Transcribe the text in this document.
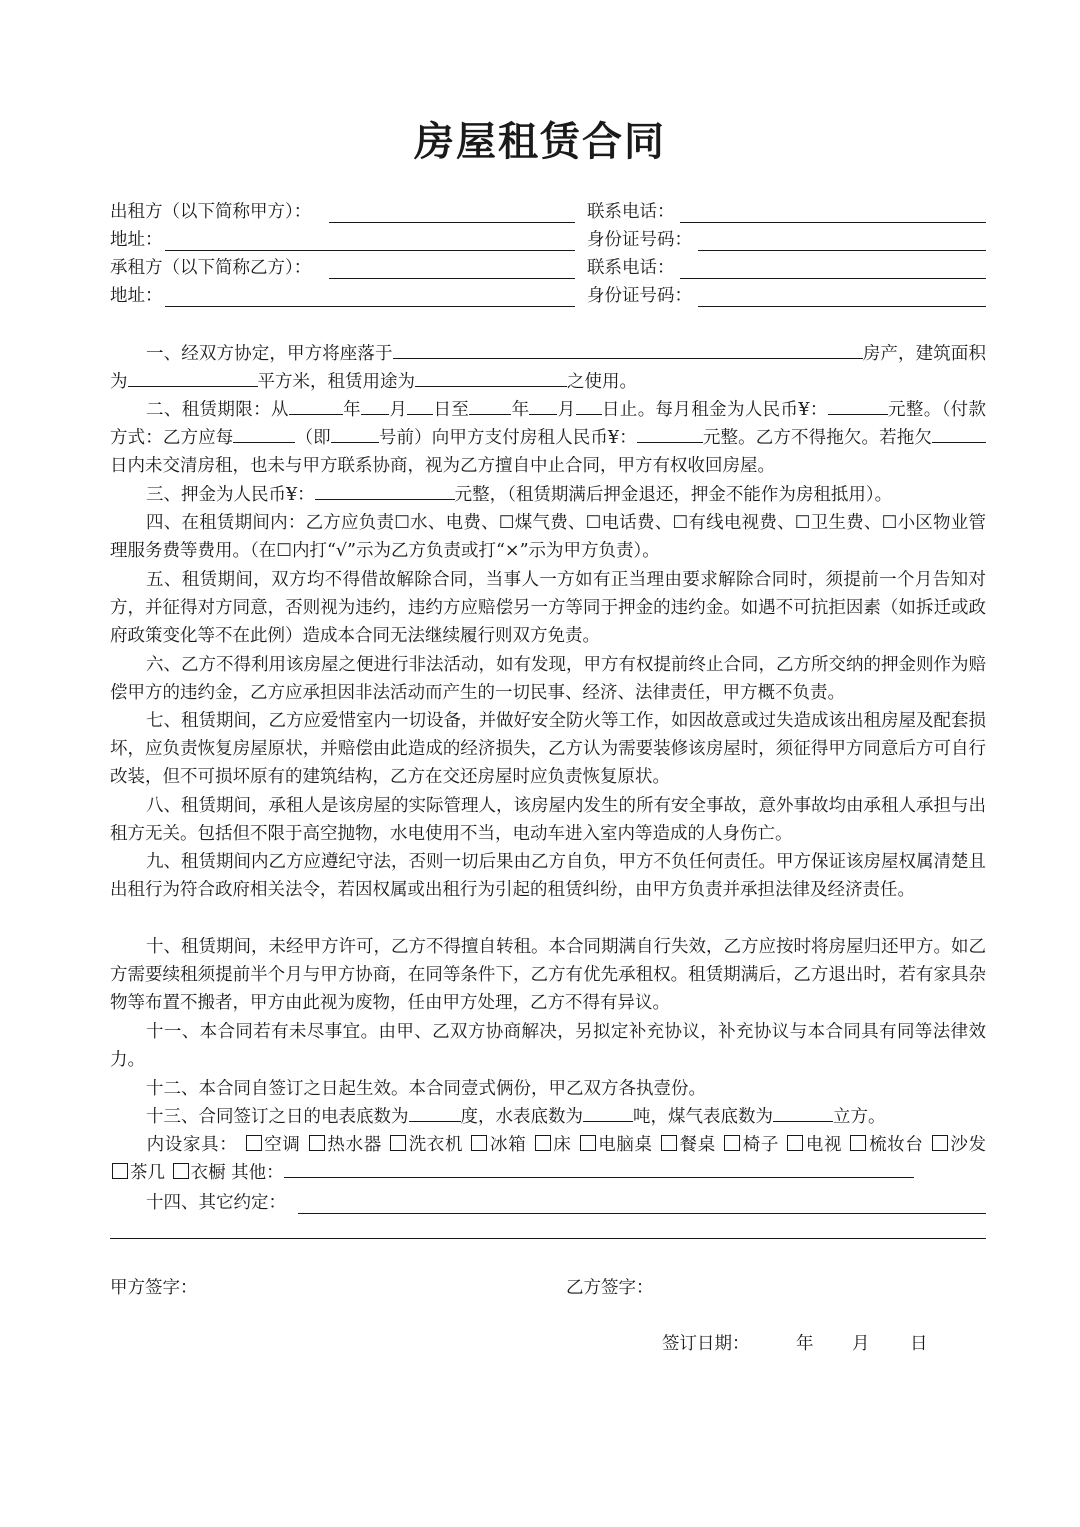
房屋租赁合同
出租方（以下简称甲方）：	联系电话：
地址：	身份证号码：
承租方（以下简称乙方）：	联系电话：
地址：	身份证号码：
一、经双方协定，甲方将座落于	房产，建筑面积为	平方米，租赁用途为	之使用。
二、租赁期限：从	年 月 日至 年 月 日止。每月租金为人民币¥：	元整。（付款方式：乙方应每	（即	号前）向甲方支付房租人民币¥：	元整。乙方不得拖欠。若拖欠日内未交清房租，也未与甲方联系协商，视为乙方擅自中止合同，甲方有权收回房屋。
三、押金为人民币¥：	元整，（租赁期满后押金退还，押金不能作为房租抵用）。
四、在租赁期间内：乙方应负责☐水、电费、☐煤气费、☐电话费、☐有线电视费、☐卫生费、☐小区物业管理服务费等费用。（在☐内打“√”示为乙方负责或打“×”示为甲方负责）。
五、租赁期间，双方均不得借故解除合同，当事人一方如有正当理由要求解除合同时，须提前一个月告知对方，并征得对方同意，否则视为违约，违约方应赔偿另一方等同于押金的违约金。如遇不可抗拒因素（如拆迁或政府政策变化等不在此例）造成本合同无法继续履行则双方免责。
六、乙方不得利用该房屋之便进行非法活动，如有发现，甲方有权提前终止合同，乙方所交纳的押金则作为赔偿甲方的违约金，乙方应承担因非法活动而产生的一切民事、经济、法律责任，甲方概不负责。
七、租赁期间，乙方应爱惜室内一切设备，并做好安全防火等工作，如因故意或过失造成该出租房屋及配套损坏，应负责恢复房屋原状，并赔偿由此造成的经济损失，乙方认为需要装修该房屋时，须征得甲方同意后方可自行改装，但不可损坏原有的建筑结构，乙方在交还房屋时应负责恢复原状。
八、租赁期间，承租人是该房屋的实际管理人，该房屋内发生的所有安全事故，意外事故均由承租人承担与出租方无关。包括但不限于高空抛物，水电使用不当，电动车进入室内等造成的人身伤亡。
九、租赁期间内乙方应遵纪守法，否则一切后果由乙方自负，甲方不负任何责任。甲方保证该房屋权属清楚且出租行为符合政府相关法令，若因权属或出租行为引起的租赁纠纷，由甲方负责并承担法律及经济责任。
十、租赁期间，未经甲方许可，乙方不得擅自转租。本合同期满自行失效，乙方应按时将房屋归还甲方。如乙方需要续租须提前半个月与甲方协商，在同等条件下，乙方有优先承租权。租赁期满后，乙方退出时，若有家具杂物等布置不搬者，甲方由此视为废物，任由甲方处理，乙方不得有异议。
十一、本合同若有未尽事宜。由甲、乙双方协商解决，另拟定补充协议，补充协议与本合同具有同等法律效力。
十二、本合同自签订之日起生效。本合同壹式俩份，甲乙双方各执壹份。
十三、合同签订之日的电表底数为	度，水表底数为	吨，煤气表底数为	立方。
内设家具： 空调 热水器 洗衣机 冰箱 床 电脑桌 餐桌 椅子 电视 梳妆台 沙发 茶几 衣橱 其他：
十四、其它约定：
甲方签字：	乙方签字：
签订日期：	年 月 日
